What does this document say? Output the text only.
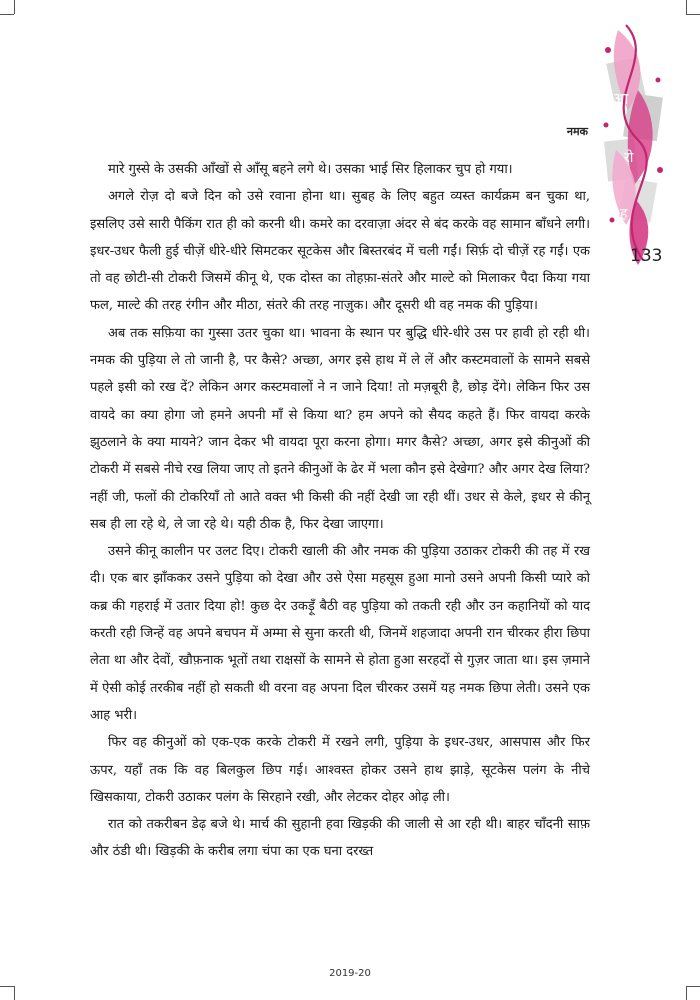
आ
रो
ह
नमक
133

मारे गुस्से के उसकी आँखों से आँसू बहने लगे थे। उसका भाई सिर हिलाकर चुप हो गया।

अगले रोज़ दो बजे दिन को उसे रवाना होना था। सुबह के लिए बहुत व्यस्त कार्यक्रम बन चुका था, इसलिए उसे सारी पैकिंग रात ही को करनी थी। कमरे का दरवाज़ा अंदर से बंद करके वह सामान बाँधने लगी। इधर-उधर फैली हुई चीज़ें धीरे-धीरे सिमटकर सूटकेस और बिस्तरबंद में चली गईं। सिर्फ़ दो चीज़ें रह गईं। एक तो वह छोटी-सी टोकरी जिसमें कीनू थे, एक दोस्त का तोहफ़ा-संतरे और माल्टे को मिलाकर पैदा किया गया फल, माल्टे की तरह रंगीन और मीठा, संतरे की तरह नाज़ुक। और दूसरी थी वह नमक की पुड़िया।

अब तक सफ़िया का गुस्सा उतर चुका था। भावना के स्थान पर बुद्धि धीरे-धीरे उस पर हावी हो रही थी। नमक की पुड़िया ले तो जानी है, पर कैसे? अच्छा, अगर इसे हाथ में ले लें और कस्टमवालों के सामने सबसे पहले इसी को रख दें? लेकिन अगर कस्टमवालों ने न जाने दिया! तो मज़बूरी है, छोड़ देंगे। लेकिन फिर उस वायदे का क्या होगा जो हमने अपनी माँ से किया था? हम अपने को सैयद कहते हैं। फिर वायदा करके झुठलाने के क्या मायने? जान देकर भी वायदा पूरा करना होगा। मगर कैसे? अच्छा, अगर इसे कीनुओं की टोकरी में सबसे नीचे रख लिया जाए तो इतने कीनुओं के ढेर में भला कौन इसे देखेगा? और अगर देख लिया? नहीं जी, फलों की टोकरियाँ तो आते वक्त भी किसी की नहीं देखी जा रही थीं। उधर से केले, इधर से कीनू सब ही ला रहे थे, ले जा रहे थे। यही ठीक है, फिर देखा जाएगा।

उसने कीनू कालीन पर उलट दिए। टोकरी खाली की और नमक की पुड़िया उठाकर टोकरी की तह में रख दी। एक बार झाँककर उसने पुड़िया को देखा और उसे ऐसा महसूस हुआ मानो उसने अपनी किसी प्यारे को कब्र की गहराई में उतार दिया हो! कुछ देर उकड़ूँ बैठी वह पुड़िया को तकती रही और उन कहानियों को याद करती रही जिन्हें वह अपने बचपन में अम्मा से सुना करती थी, जिनमें शहजादा अपनी रान चीरकर हीरा छिपा लेता था और देवों, खौफ़नाक भूतों तथा राक्षसों के सामने से होता हुआ सरहदों से गुज़र जाता था। इस ज़माने में ऐसी कोई तरकीब नहीं हो सकती थी वरना वह अपना दिल चीरकर उसमें यह नमक छिपा लेती। उसने एक आह भरी।

फिर वह कीनुओं को एक-एक करके टोकरी में रखने लगी, पुड़िया के इधर-उधर, आसपास और फिर ऊपर, यहाँ तक कि वह बिलकुल छिप गई। आश्वस्त होकर उसने हाथ झाड़े, सूटकेस पलंग के नीचे खिसकाया, टोकरी उठाकर पलंग के सिरहाने रखी, और लेटकर दोहर ओढ़ ली।

रात को तकरीबन डेढ़ बजे थे। मार्च की सुहानी हवा खिड़की की जाली से आ रही थी। बाहर चाँदनी साफ़ और ठंडी थी। खिड़की के करीब लगा चंपा का एक घना दरख्त

2019-20
